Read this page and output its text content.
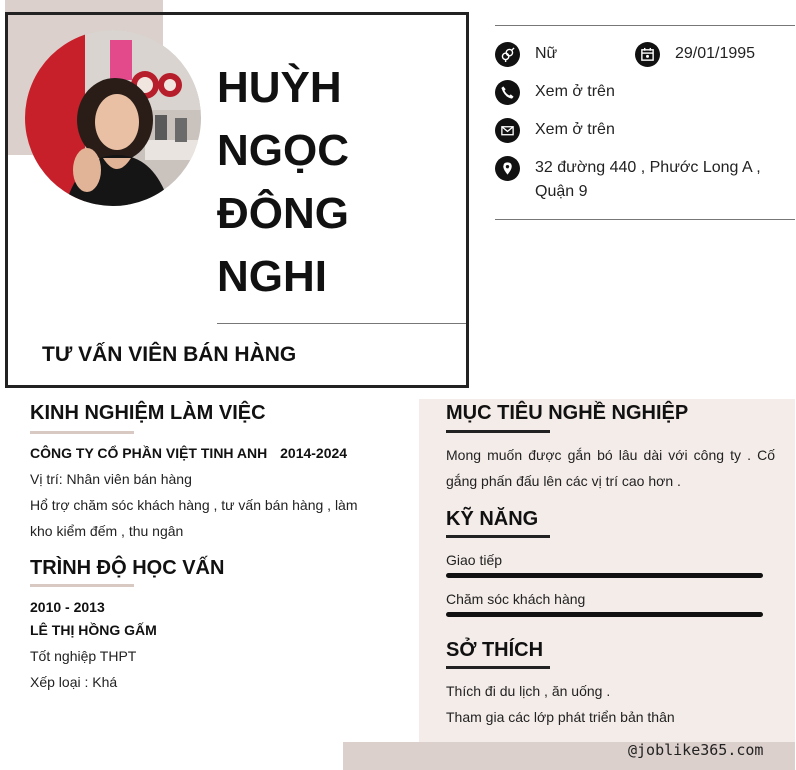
HUỲH
NGỌC
ĐÔNG
NGHI
TƯ VẤN VIÊN BÁN HÀNG
Nữ	29/01/1995
Xem ở trên
Xem ở trên
32 đường 440 , Phước Long A ,
Quận 9
KINH NGHIỆM LÀM VIỆC
CÔNG TY CỔ PHẦN VIỆT TINH ANH 2014-2024
Vị trí: Nhân viên bán hàng
Hổ trợ chăm sóc khách hàng , tư vấn bán hàng , làm
kho kiểm đếm , thu ngân
TRÌNH ĐỘ HỌC VẤN
2010 - 2013
LÊ THỊ HỒNG GẤM
Tốt nghiệp THPT
Xếp loại : Khá
MỤC TIÊU NGHỀ NGHIỆP
Mong muốn được gắn bó lâu dài với công ty . Cố gắng phấn đấu lên các vị trí cao hơn .
KỸ NĂNG
Giao tiếp
Chăm sóc khách hàng
SỞ THÍCH
Thích đi du lịch , ăn uống .
Tham gia các lớp phát triển bản thân
@joblike365.com
